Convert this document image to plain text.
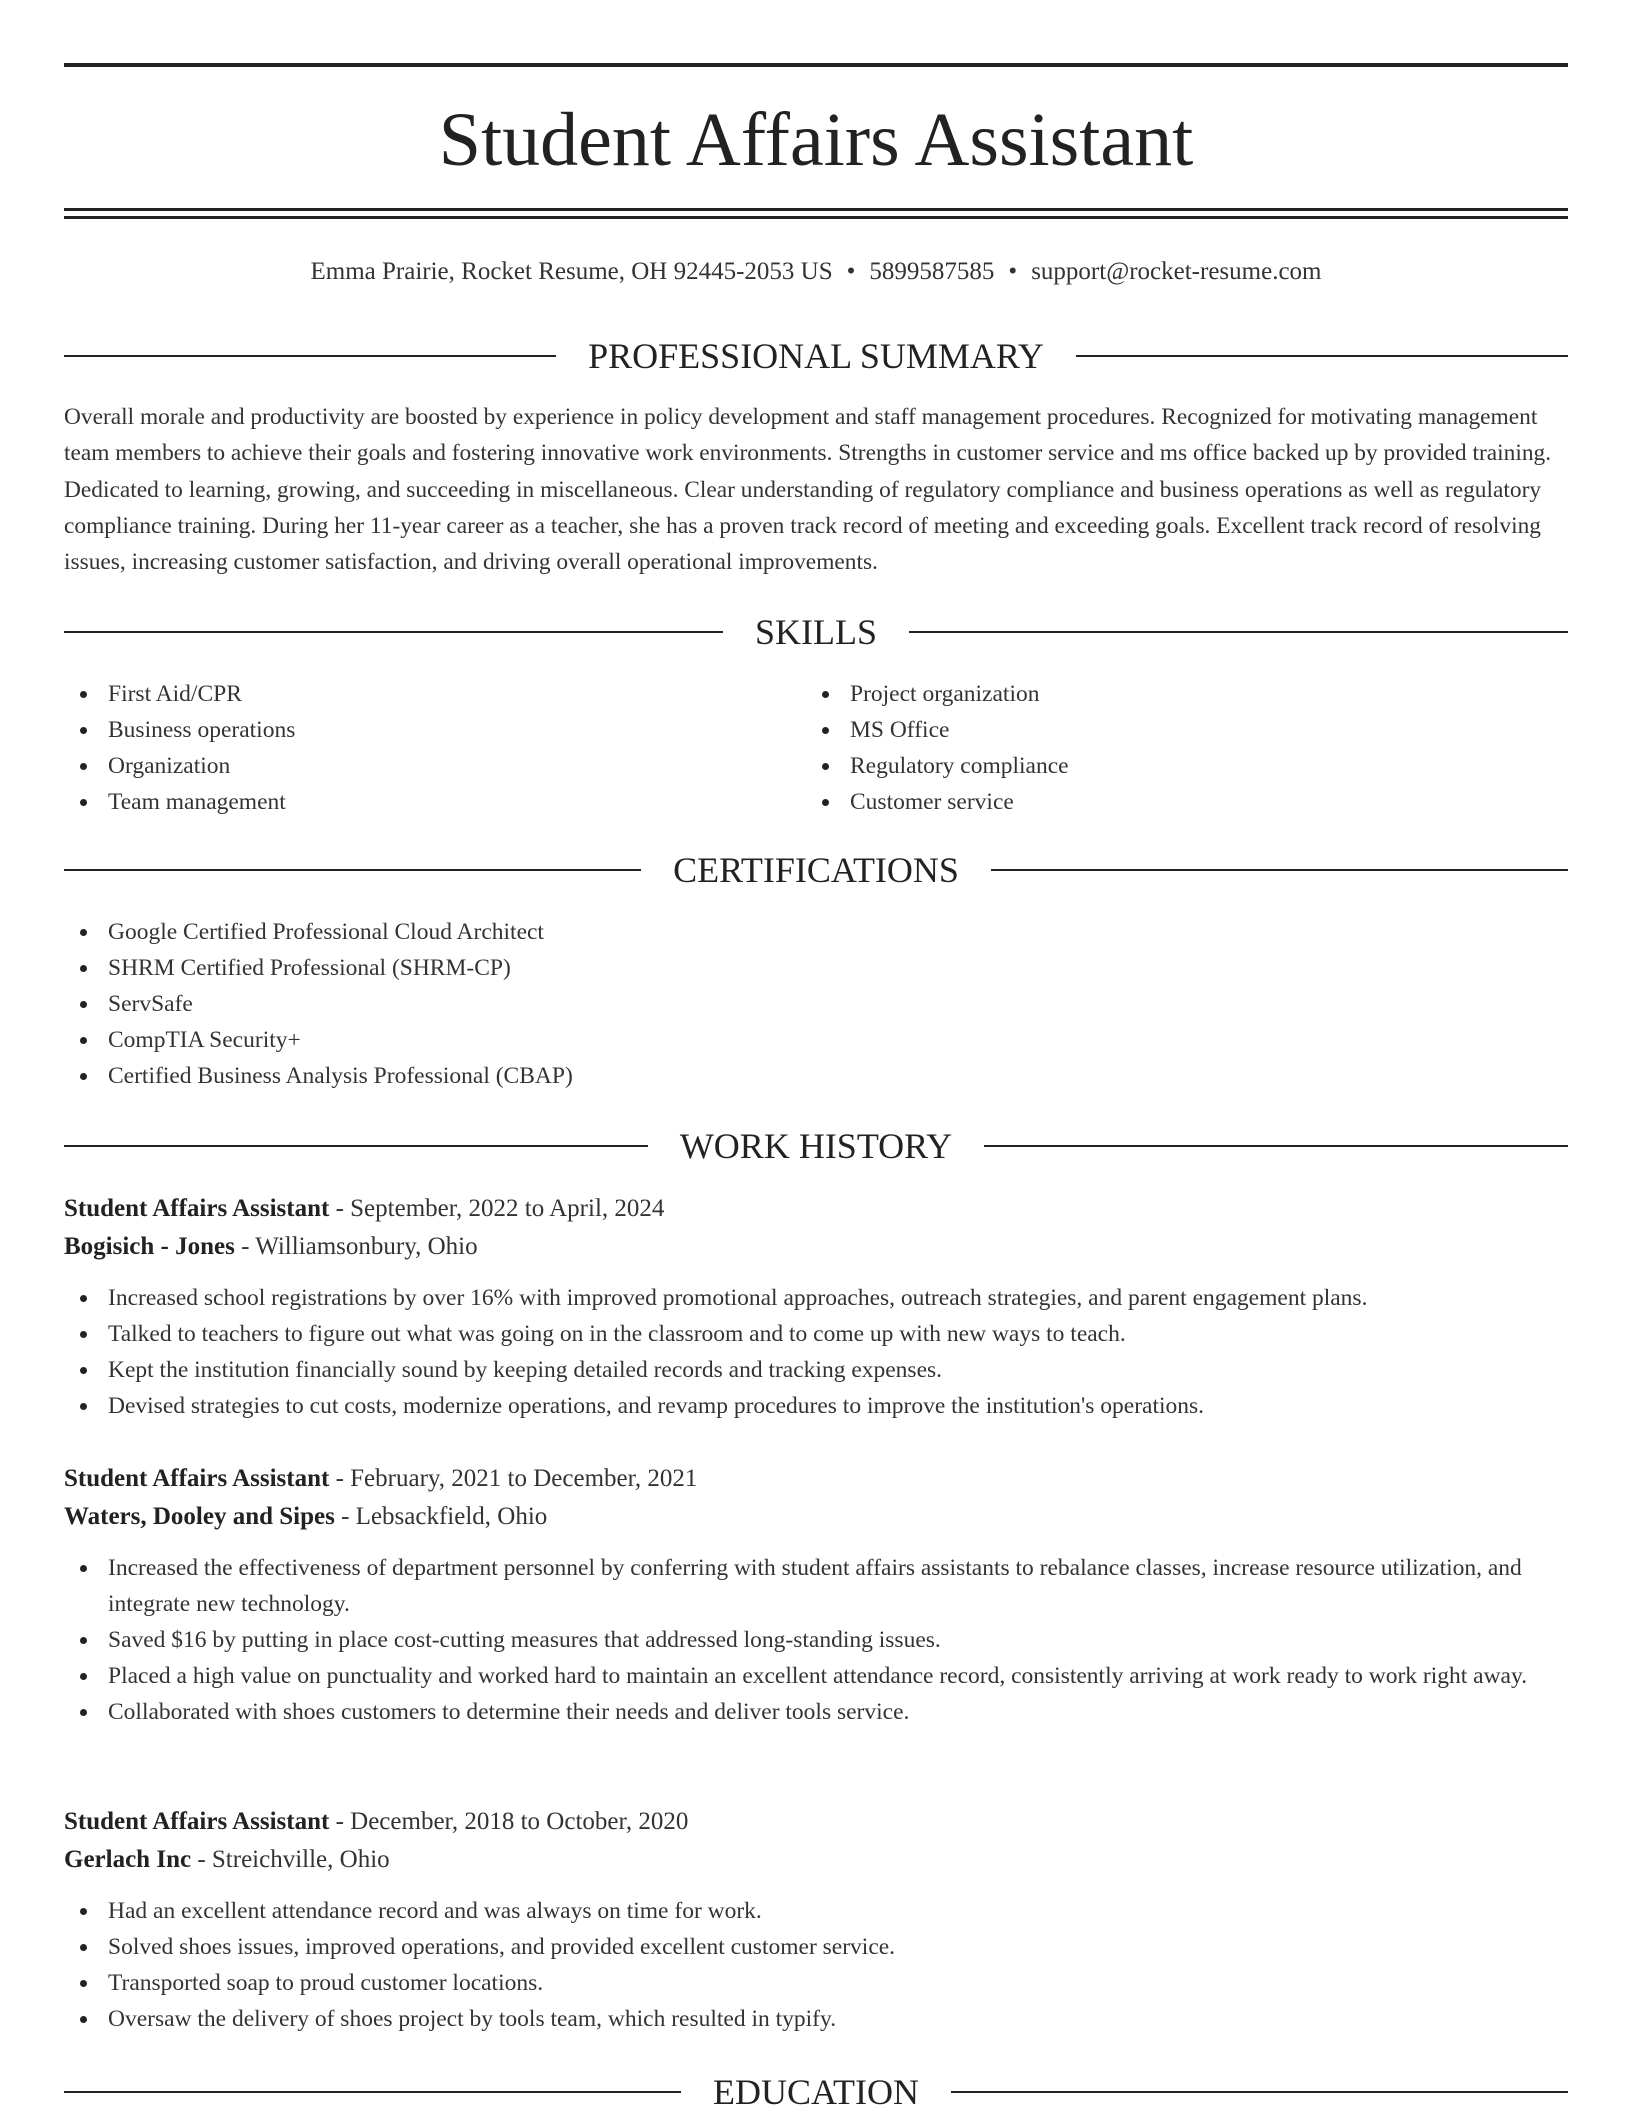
Student Affairs Assistant
Emma Prairie, Rocket Resume, OH 92445-2053 US • 5899587585 • support@rocket-resume.com
PROFESSIONAL SUMMARY

Overall morale and productivity are boosted by experience in policy development and staff management procedures. Recognized for motivating management team members to achieve their goals and fostering innovative work environments. Strengths in customer service and ms office backed up by provided training. Dedicated to learning, growing, and succeeding in miscellaneous. Clear understanding of regulatory compliance and business operations as well as regulatory compliance training. During her 11-year career as a teacher, she has a proven track record of meeting and exceeding goals. Excellent track record of resolving issues, increasing customer satisfaction, and driving overall operational improvements.

SKILLS
First Aid/CPR
Business operations
Organization
Team management
Project organization
MS Office
Regulatory compliance
Customer service
CERTIFICATIONS
Google Certified Professional Cloud Architect
SHRM Certified Professional (SHRM-CP)
ServSafe
CompTIA Security+
Certified Business Analysis Professional (CBAP)
WORK HISTORY
Student Affairs Assistant - September, 2022 to April, 2024
Bogisich - Jones - Williamsonbury, Ohio
Increased school registrations by over 16% with improved promotional approaches, outreach strategies, and parent engagement plans.
Talked to teachers to figure out what was going on in the classroom and to come up with new ways to teach.
Kept the institution financially sound by keeping detailed records and tracking expenses.
Devised strategies to cut costs, modernize operations, and revamp procedures to improve the institution's operations.
Student Affairs Assistant - February, 2021 to December, 2021
Waters, Dooley and Sipes - Lebsackfield, Ohio
Increased the effectiveness of department personnel by conferring with student affairs assistants to rebalance classes, increase resource utilization, and integrate new technology.
Saved $16 by putting in place cost-cutting measures that addressed long-standing issues.
Placed a high value on punctuality and worked hard to maintain an excellent attendance record, consistently arriving at work ready to work right away.
Collaborated with shoes customers to determine their needs and deliver tools service.
Student Affairs Assistant - December, 2018 to October, 2020
Gerlach Inc - Streichville, Ohio
Had an excellent attendance record and was always on time for work.
Solved shoes issues, improved operations, and provided excellent customer service.
Transported soap to proud customer locations.
Oversaw the delivery of shoes project by tools team, which resulted in typify.
EDUCATION
